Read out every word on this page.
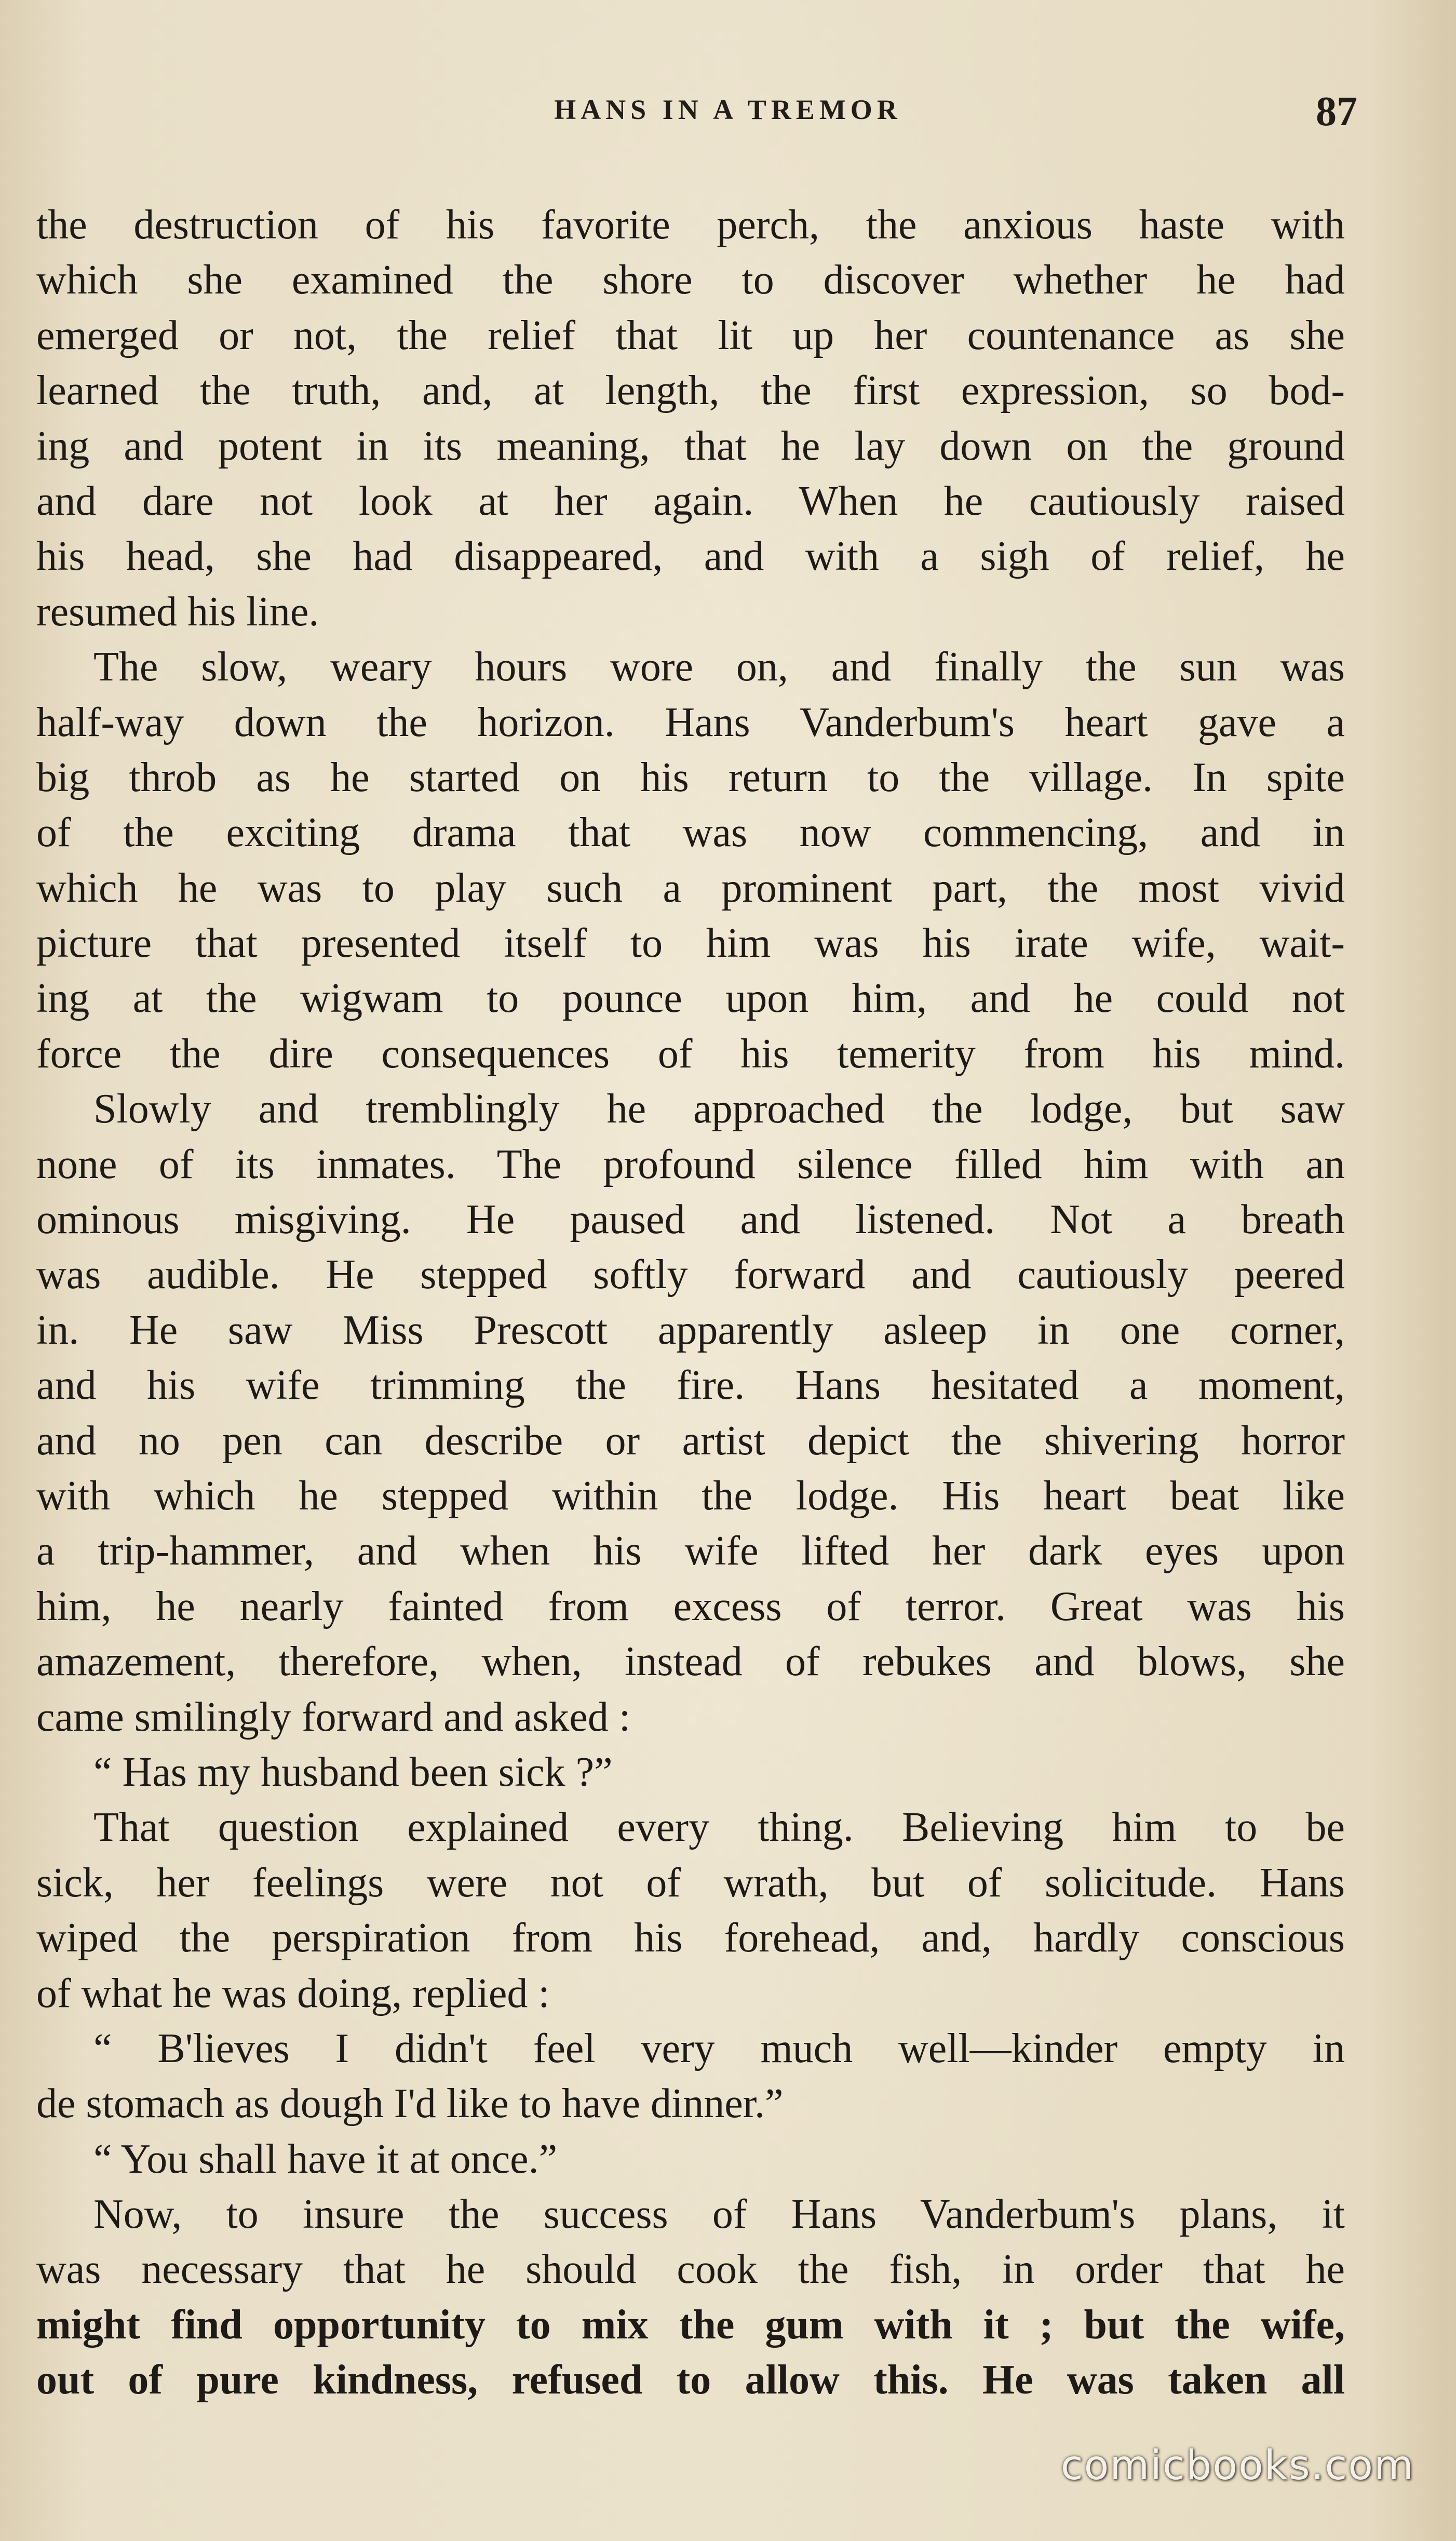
HANS IN A TREMOR	87
the destruction of his favorite perch, the anxious haste with
which she examined the shore to discover whether he had
emerged or not, the relief that lit up her countenance as she
learned the truth, and, at length, the first expression, so bod-
ing and potent in its meaning, that he lay down on the ground
and dare not look at her again. When he cautiously raised
his head, she had disappeared, and with a sigh of relief, he
resumed his line.
The slow, weary hours wore on, and finally the sun was
half-way down the horizon. Hans Vanderbum's heart gave a
big throb as he started on his return to the village. In spite
of the exciting drama that was now commencing, and in
which he was to play such a prominent part, the most vivid
picture that presented itself to him was his irate wife, wait-
ing at the wigwam to pounce upon him, and he could not
force the dire consequences of his temerity from his mind.
Slowly and tremblingly he approached the lodge, but saw
none of its inmates. The profound silence filled him with an
ominous misgiving. He paused and listened. Not a breath
was audible. He stepped softly forward and cautiously peered
in. He saw Miss Prescott apparently asleep in one corner,
and his wife trimming the fire. Hans hesitated a moment,
and no pen can describe or artist depict the shivering horror
with which he stepped within the lodge. His heart beat like
a trip-hammer, and when his wife lifted her dark eyes upon
him, he nearly fainted from excess of terror. Great was his
amazement, therefore, when, instead of rebukes and blows, she
came smilingly forward and asked :
“ Has my husband been sick ?”
That question explained every thing. Believing him to be
sick, her feelings were not of wrath, but of solicitude. Hans
wiped the perspiration from his forehead, and, hardly conscious
of what he was doing, replied :
“ B'lieves I didn't feel very much well—kinder empty in
de stomach as dough I'd like to have dinner.”
“ You shall have it at once.”
Now, to insure the success of Hans Vanderbum's plans, it
was necessary that he should cook the fish, in order that he
might find opportunity to mix the gum with it ; but the wife,
out of pure kindness, refused to allow this. He was taken all
comicbooks.com
